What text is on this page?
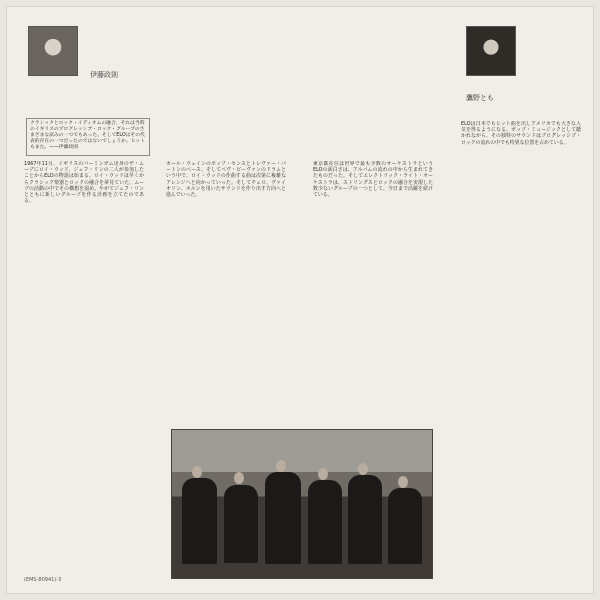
伊藤政則
鷹野とも
クラシックとロック・イディオムの融合、それは当時のイギリスのプログレッシブ・ロック・グループのさまざまな試みの一つでもあった。そしてELOはその代表的存在の一つだったのではないでしょうか。ヒットもまた。——伊藤政則

1967年11月、イギリスのバーミンガム出身のザ・ムーブにロイ・ウッド、ジェフ・リンの二人が参加したことからELOの物語は始まる。ロイ・ウッドは早くからクラシック楽器とロックの融合を夢見ていた。ムーブの活動の中でその構想を温め、やがてジェフ・リンとともに新しいグループを作る計画を立てたのである。

カール・ウェインのポップ・センスとトレヴァー・バートンのベース、そしてベヴ・ビーヴァンのドラムという中で、ロイ・ウッドの作曲する曲は次第に複雑なアレンジへと向かっていった。そしてチェロ、ヴァイオリン、ホルンを用いたサウンドを作り出す方向へと進んでいった。

東京都在住は世界で最も少数のオーケストラというELOの面白さは、アルバムの流れの中から生まれてきたものだった。そしてエレクトリック・ライト・オーケストラは、ストリングスとロックの融合を実現した数少ないグループの一つとして、今日まで活躍を続けている。

ELOは日本でもヒット曲を出しアメリカでも大きな人気を得るようになる。ポップ・ミュージックとして聴かれながら、その独特のサウンドはプログレッシブ・ロックの流れの中でも特異な位置を占めている。

(EMS-80941)-3
